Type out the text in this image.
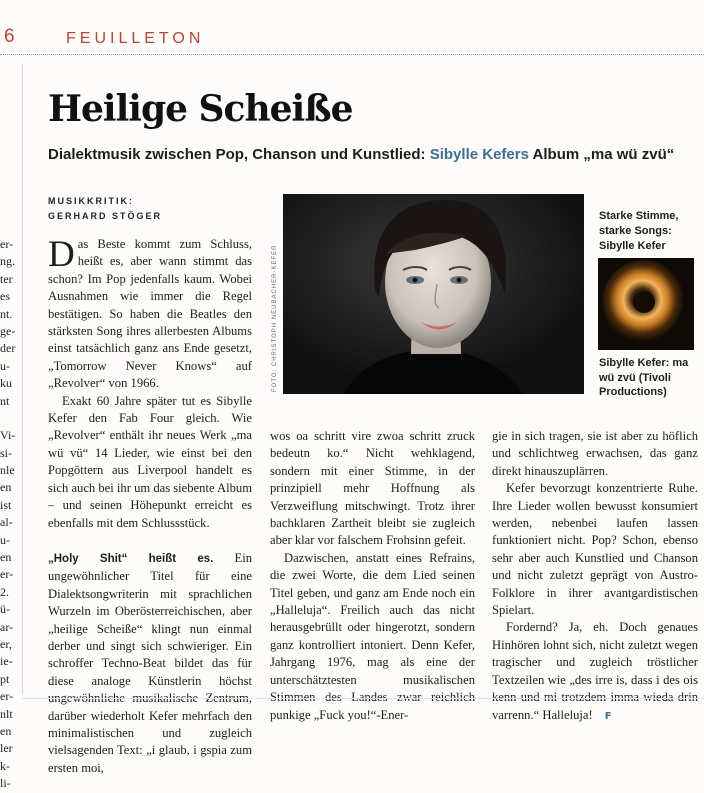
6	FEUILLETON
er-
ng.
ter
es
nt.
ge-
der
u-
ku
nt
Vi-
si-
nle
en
ist
al-
u-
en
er-
2.
ü-
ar-
er,
ie-
pt
er-
nlt
en
ler
k-
li-
Heilige Scheiße
Dialektmusik zwischen Pop, Chanson und Kunstlied: Sibylle Kefers Album „ma wü zvü“
MUSIKKRITIK:
GERHARD STÖGER
FOTO: CHRISTOPH NEUBACHER-KEFER
Starke Stimme, starke Songs: Sibylle Kefer
Sibylle Kefer: ma wü zvü (Tivoli Productions)

Das Beste kommt zum Schluss, heißt es, aber wann stimmt das schon? Im Pop jedenfalls kaum. Wobei Ausnahmen wie immer die Regel bestätigen. So haben die Beatles den stärksten Song ihres allerbesten Albums einst tatsächlich ganz ans Ende gesetzt, „Tomorrow Never Knows“ auf „Revolver“ von 1966.

Exakt 60 Jahre später tut es Sibylle Kefer den Fab Four gleich. Wie „Revolver“ enthält ihr neues Werk „ma wü vü“ 14 Lieder, wie einst bei den Popgöttern aus Liverpool handelt es sich auch bei ihr um das siebente Album – und seinen Höhepunkt erreicht es ebenfalls mit dem Schlussstück.

„Holy Shit“ heißt es. Ein ungewöhnlicher Titel für eine Dialektsongwriterin mit sprachlichen Wurzeln im Oberösterreichischen, aber „heilige Scheiße“ klingt nun einmal derber und singt sich schwieriger. Ein schroffer Techno-Beat bildet das für diese analoge Künstlerin höchst ungewöhnliche musikalische Zentrum, darüber wiederholt Kefer mehrfach den minimalistischen und zugleich vielsagenden Text: „i glaub, i gspia zum ersten moi,

wos oa schritt vire zwoa schritt zruck bedeutn ko.“ Nicht wehklagend, sondern mit einer Stimme, in der prinzipiell mehr Hoffnung als Verzweiflung mitschwingt. Trotz ihrer bachklaren Zartheit bleibt sie zugleich aber klar vor falschem Frohsinn gefeit.

Dazwischen, anstatt eines Refrains, die zwei Worte, die dem Lied seinen Titel geben, und ganz am Ende noch ein „Halleluja“. Freilich auch das nicht herausgebrüllt oder hingerotzt, sondern ganz kontrolliert intoniert. Denn Kefer, Jahrgang 1976, mag als eine der unterschätztesten musikalischen Stimmen des Landes zwar reichlich punkige „Fuck you!“-Ener-

gie in sich tragen, sie ist aber zu höflich und schlichtweg erwachsen, das ganz direkt hinauszuplärren.

Kefer bevorzugt konzentrierte Ruhe. Ihre Lieder wollen bewusst konsumiert werden, nebenbei laufen lassen funktioniert nicht. Pop? Schon, ebenso sehr aber auch Kunstlied und Chanson und nicht zuletzt geprägt von Austro-Folklore in ihrer avantgardistischen Spielart.

Fordernd? Ja, eh. Doch genaues Hinhören lohnt sich, nicht zuletzt wegen tragischer und zugleich tröstlicher Textzeilen wie „des irre is, dass i des ois kenn und mi trotzdem imma wieda drin varrenn.“ Halleluja! F
